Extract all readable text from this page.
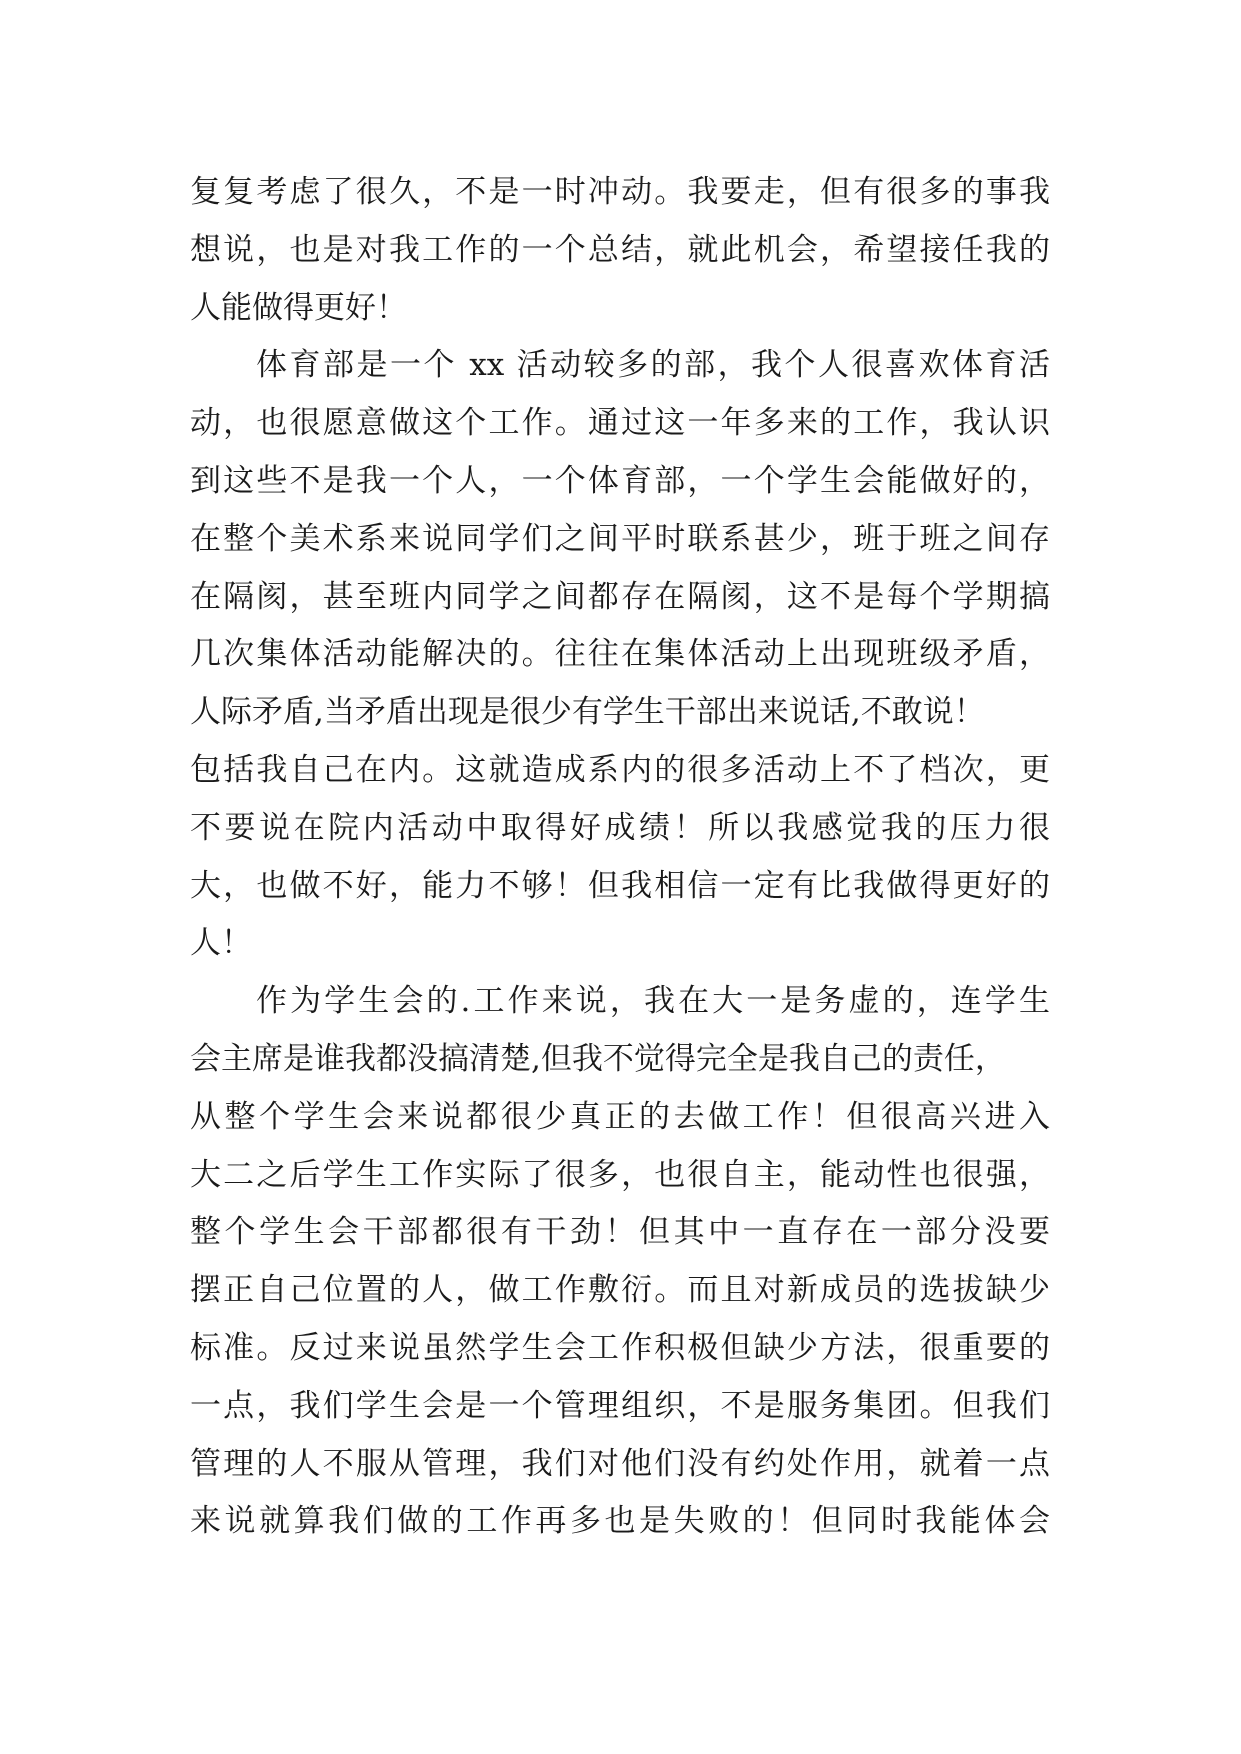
复复考虑了很久，不是一时冲动。我要走，但有很多的事我
想说，也是对我工作的一个总结，就此机会，希望接任我的
人能做得更好！
体育部是一个 xx 活动较多的部，我个人很喜欢体育活
动，也很愿意做这个工作。通过这一年多来的工作，我认识
到这些不是我一个人，一个体育部，一个学生会能做好的，
在整个美术系来说同学们之间平时联系甚少，班于班之间存
在隔阂，甚至班内同学之间都存在隔阂，这不是每个学期搞
几次集体活动能解决的。往往在集体活动上出现班级矛盾，
人际矛盾,当矛盾出现是很少有学生干部出来说话,不敢说！
包括我自己在内。这就造成系内的很多活动上不了档次，更
不要说在院内活动中取得好成绩！所以我感觉我的压力很
大，也做不好，能力不够！但我相信一定有比我做得更好的
人！
作为学生会的.工作来说，我在大一是务虚的，连学生
会主席是谁我都没搞清楚,但我不觉得完全是我自己的责任，
从整个学生会来说都很少真正的去做工作！但很高兴进入
大二之后学生工作实际了很多，也很自主，能动性也很强，
整个学生会干部都很有干劲！但其中一直存在一部分没要
摆正自己位置的人，做工作敷衍。而且对新成员的选拔缺少
标准。反过来说虽然学生会工作积极但缺少方法，很重要的
一点，我们学生会是一个管理组织，不是服务集团。但我们
管理的人不服从管理，我们对他们没有约处作用，就着一点
来说就算我们做的工作再多也是失败的！但同时我能体会
